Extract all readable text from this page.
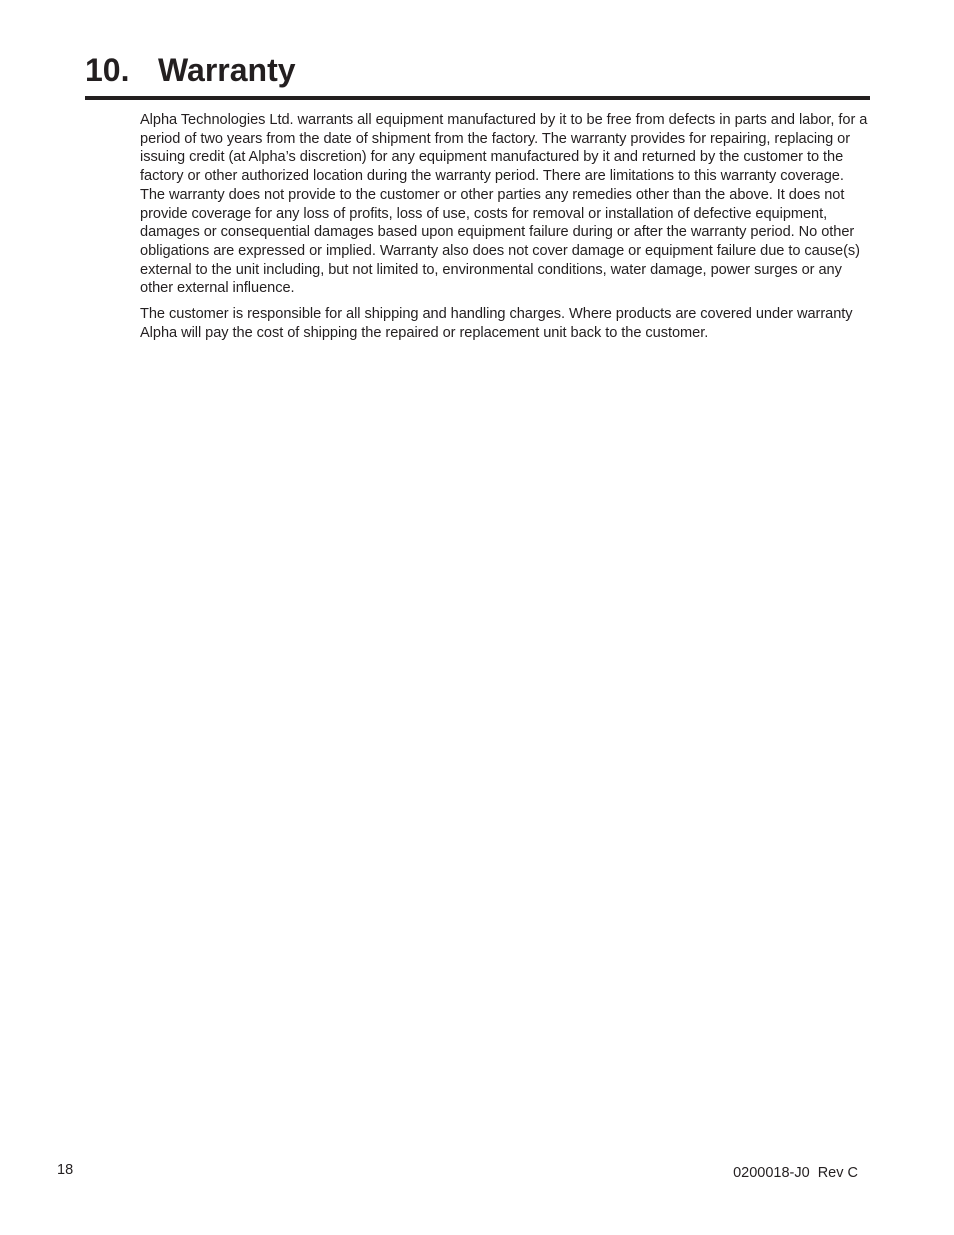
10. Warranty

Alpha Technologies Ltd. warrants all equipment manufactured by it to be free from defects in parts and labor, for a period of two years from the date of shipment from the factory. The warranty provides for repairing, replacing or issuing credit (at Alpha’s discretion) for any equipment manufactured by it and returned by the customer to the factory or other authorized location during the warranty period. There are limitations to this warranty coverage. The warranty does not provide to the customer or other parties any remedies other than the above. It does not provide coverage for any loss of profits, loss of use, costs for removal or installation of defective equipment, damages or consequential damages based upon equipment failure during or after the warranty period. No other obligations are expressed or implied. Warranty also does not cover damage or equipment failure due to cause(s) external to the unit including, but not limited to, environmental conditions, water damage, power surges or any other external influence.

The customer is responsible for all shipping and handling charges. Where products are covered under warranty Alpha will pay the cost of shipping the repaired or replacement unit back to the customer.

18	0200018-J0  Rev C
